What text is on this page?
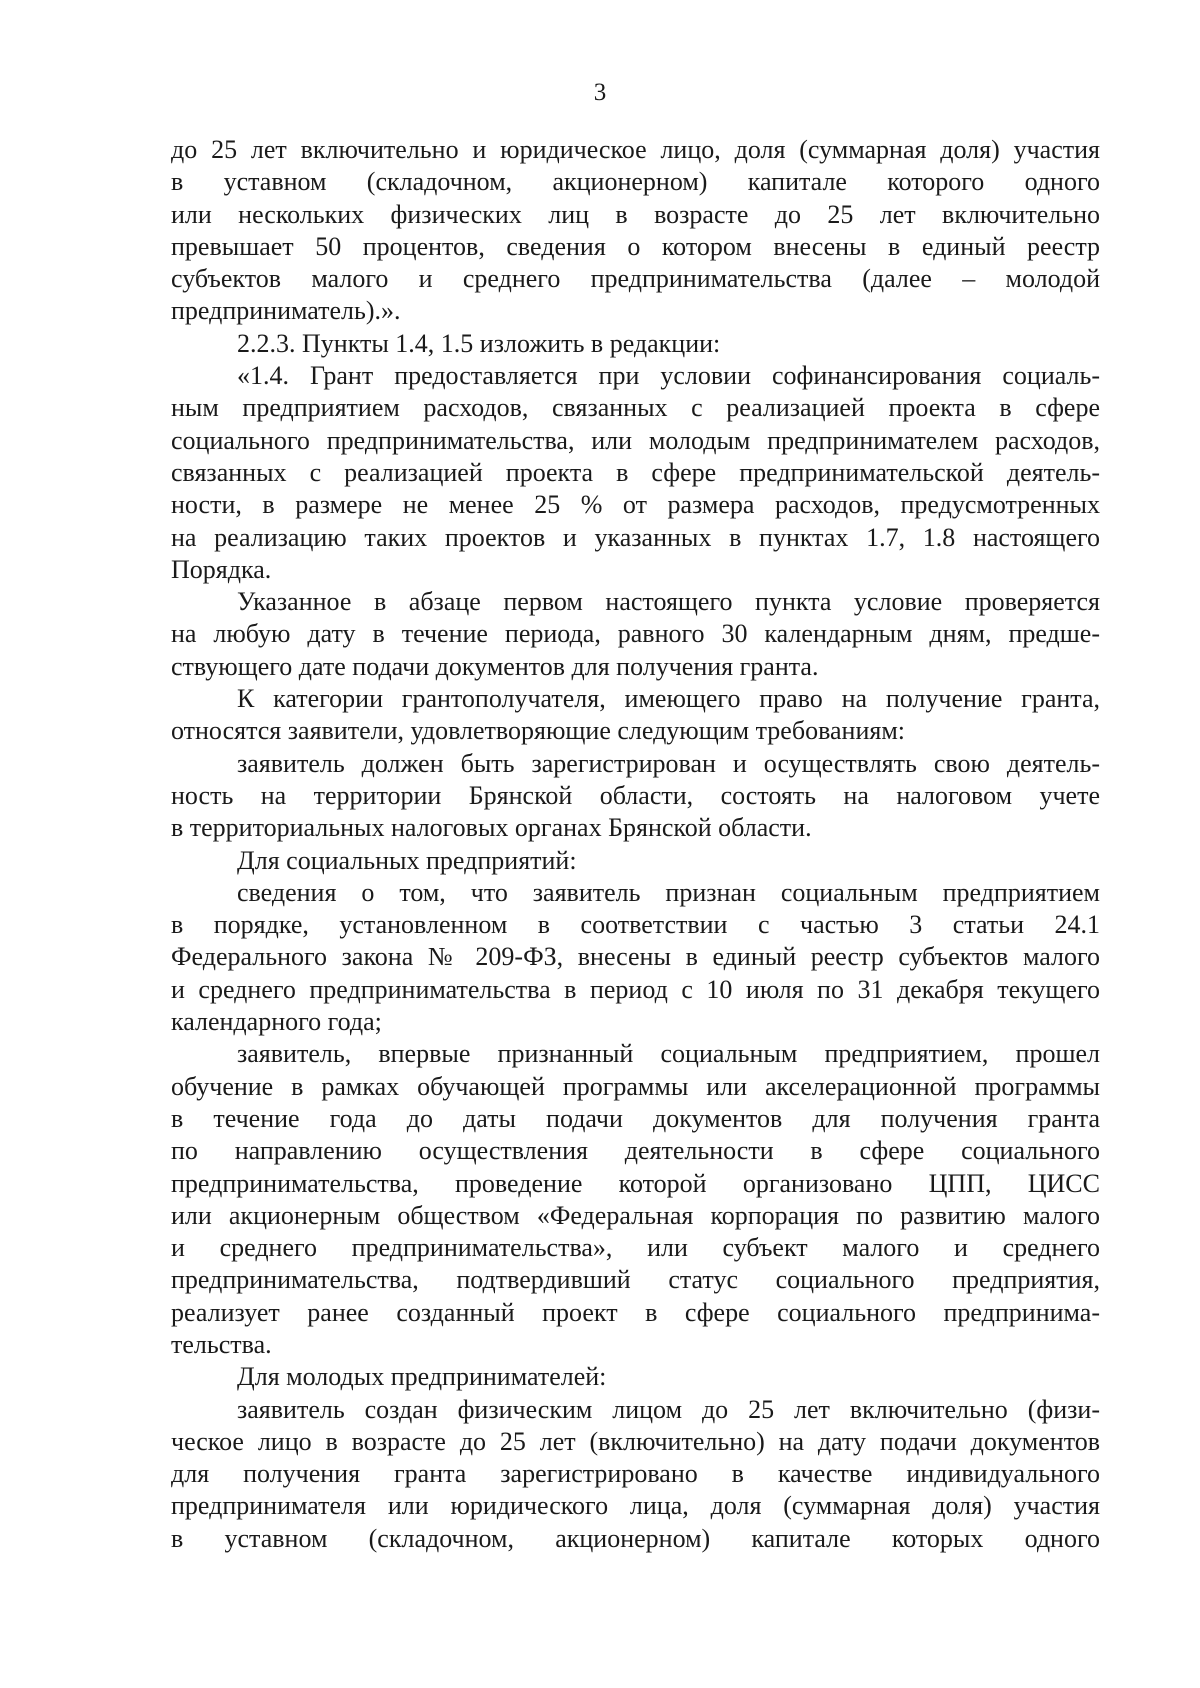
3

до 25 лет включительно и юридическое лицо, доля (суммарная доля) участия

в уставном (складочном, акционерном) капитале которого одного

или нескольких физических лиц в возрасте до 25 лет включительно

превышает 50 процентов, сведения о котором внесены в единый реестр

субъектов малого и среднего предпринимательства (далее – молодой

предприниматель).».

2.2.3. Пункты 1.4, 1.5 изложить в редакции:

«1.4. Грант предоставляется при условии софинансирования социаль-

ным предприятием расходов, связанных с реализацией проекта в сфере

социального предпринимательства, или молодым предпринимателем расходов,

связанных с реализацией проекта в сфере предпринимательской деятель-

ности, в размере не менее 25 % от размера расходов, предусмотренных

на реализацию таких проектов и указанных в пунктах 1.7, 1.8 настоящего

Порядка.

Указанное в абзаце первом настоящего пункта условие проверяется

на любую дату в течение периода, равного 30 календарным дням, предше-

ствующего дате подачи документов для получения гранта.

К категории грантополучателя, имеющего право на получение гранта,

относятся заявители, удовлетворяющие следующим требованиям:

заявитель должен быть зарегистрирован и осуществлять свою деятель-

ность на территории Брянской области, состоять на налоговом учете

в территориальных налоговых органах Брянской области.

Для социальных предприятий:

сведения о том, что заявитель признан социальным предприятием

в порядке, установленном в соответствии с частью 3 статьи 24.1

Федерального закона № 209-ФЗ, внесены в единый реестр субъектов малого

и среднего предпринимательства в период с 10 июля по 31 декабря текущего

календарного года;

заявитель, впервые признанный социальным предприятием, прошел

обучение в рамках обучающей программы или акселерационной программы

в течение года до даты подачи документов для получения гранта

по направлению осуществления деятельности в сфере социального

предпринимательства, проведение которой организовано ЦПП, ЦИСС

или акционерным обществом «Федеральная корпорация по развитию малого

и среднего предпринимательства», или субъект малого и среднего

предпринимательства, подтвердивший статус социального предприятия,

реализует ранее созданный проект в сфере социального предпринима-

тельства.

Для молодых предпринимателей:

заявитель создан физическим лицом до 25 лет включительно (физи-

ческое лицо в возрасте до 25 лет (включительно) на дату подачи документов

для получения гранта зарегистрировано в качестве индивидуального

предпринимателя или юридического лица, доля (суммарная доля) участия

в уставном (складочном, акционерном) капитале которых одного
